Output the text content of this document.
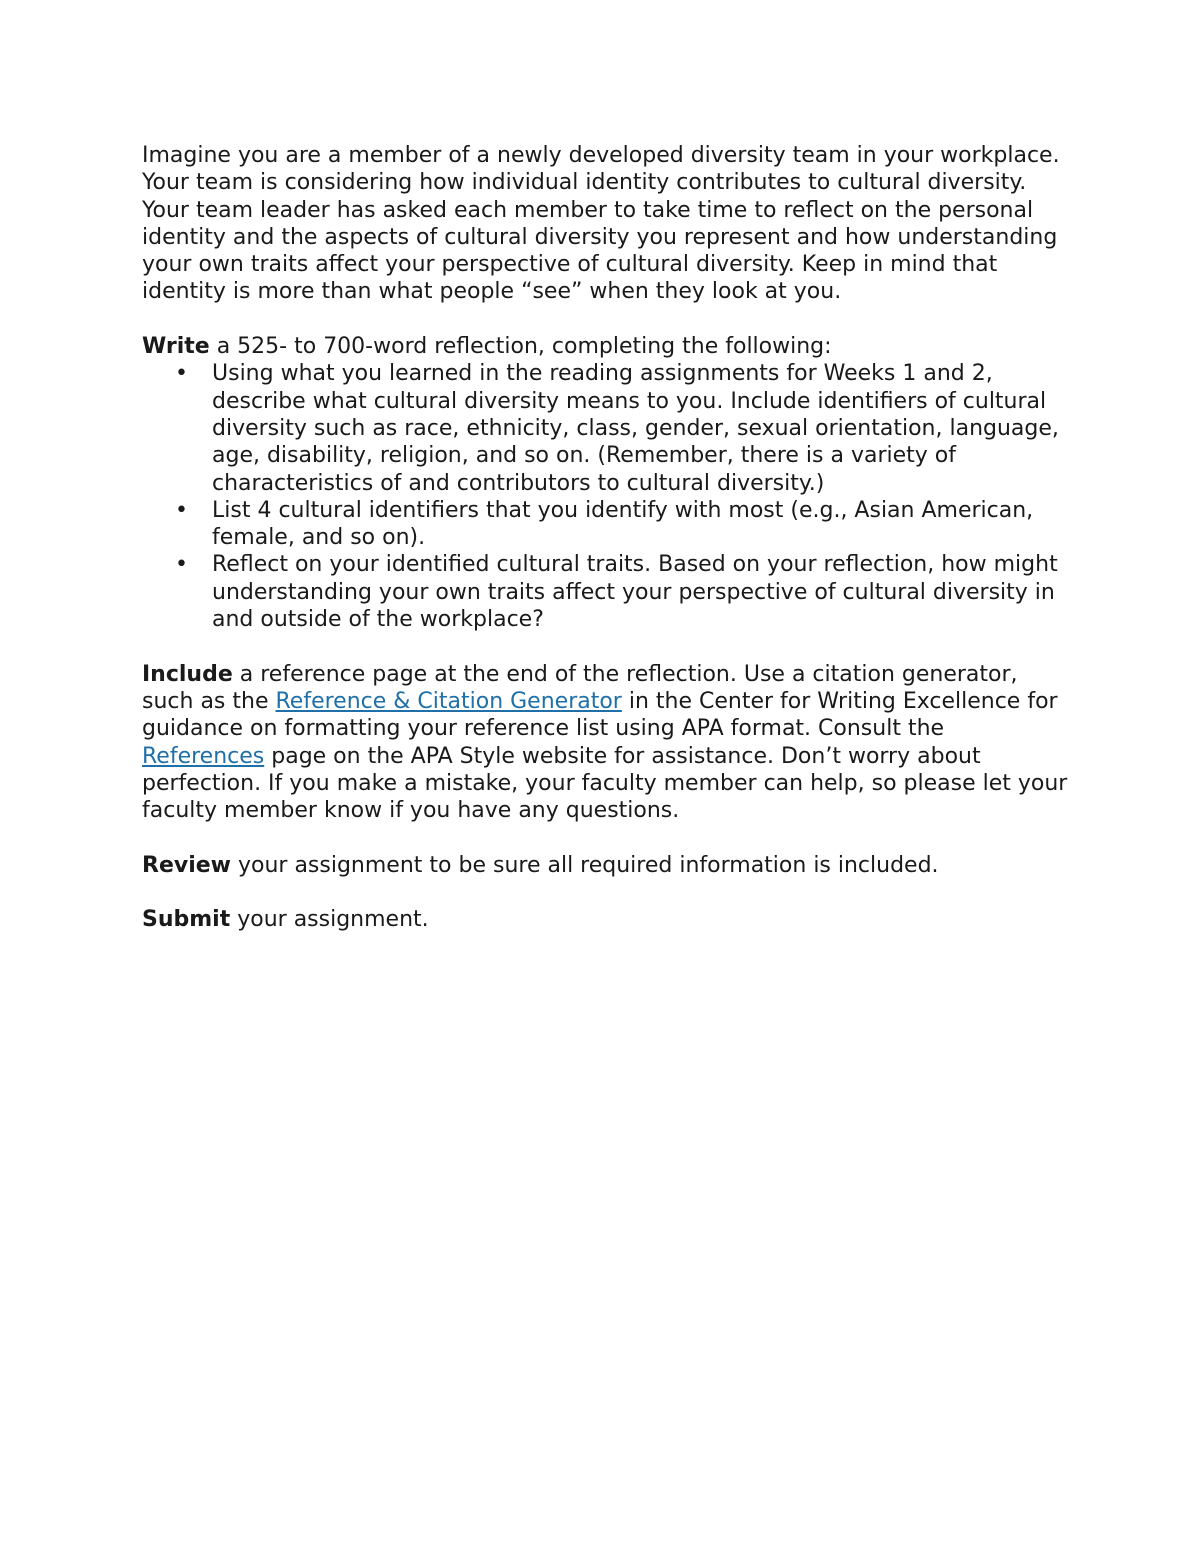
Imagine you are a member of a newly developed diversity team in your workplace. Your team is considering how individual identity contributes to cultural diversity. Your team leader has asked each member to take time to reflect on the personal identity and the aspects of cultural diversity you represent and how understanding your own traits affect your perspective of cultural diversity. Keep in mind that identity is more than what people “see” when they look at you.

Write a 525- to 700-word reflection, completing the following:

• Using what you learned in the reading assignments for Weeks 1 and 2, describe what cultural diversity means to you. Include identifiers of cultural diversity such as race, ethnicity, class, gender, sexual orientation, language, age, disability, religion, and so on. (Remember, there is a variety of characteristics of and contributors to cultural diversity.)
• List 4 cultural identifiers that you identify with most (e.g., Asian American, female, and so on).
• Reflect on your identified cultural traits. Based on your reflection, how might understanding your own traits affect your perspective of cultural diversity in and outside of the workplace?

Include a reference page at the end of the reflection. Use a citation generator, such as the Reference & Citation Generator in the Center for Writing Excellence for guidance on formatting your reference list using APA format. Consult the References page on the APA Style website for assistance. Don’t worry about perfection. If you make a mistake, your faculty member can help, so please let your faculty member know if you have any questions.

Review your assignment to be sure all required information is included.

Submit your assignment.
